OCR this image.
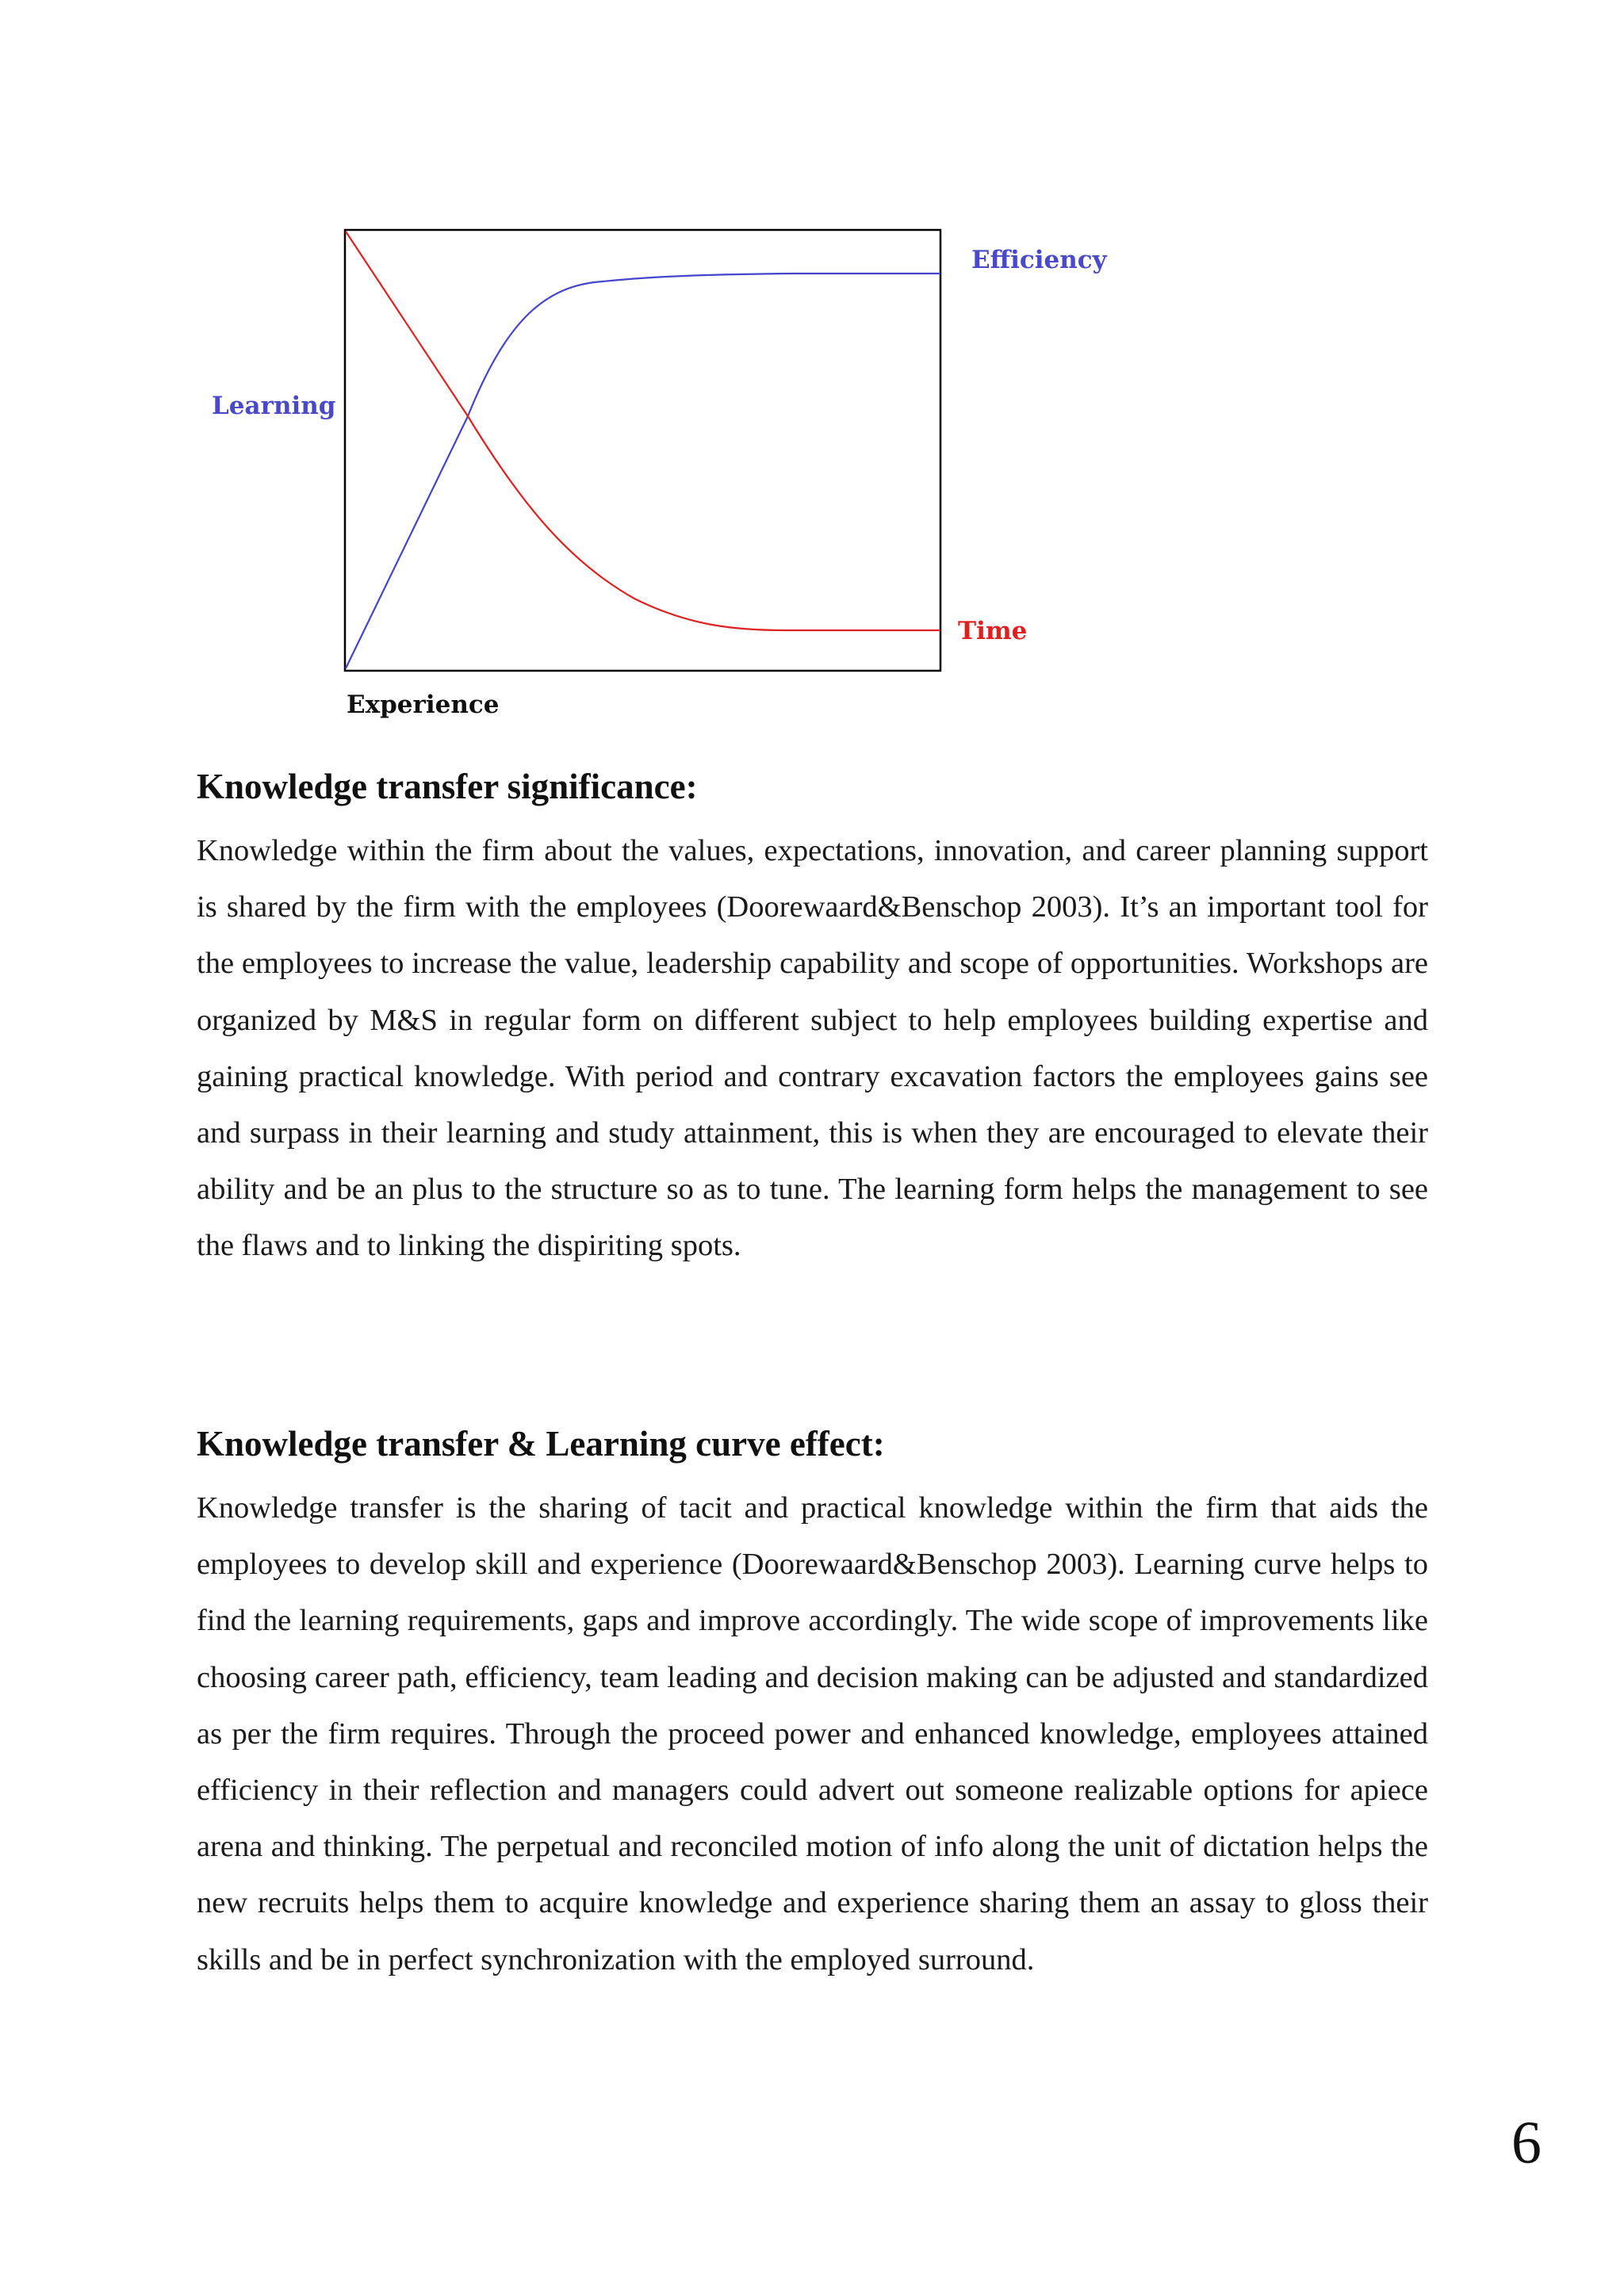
Efficiency
Learning
Time
Experience
Knowledge transfer significance:

Knowledge within the firm about the values, expectations, innovation, and career planning support is shared by the firm with the employees (Doorewaard&Benschop 2003). It’s an important tool for the employees to increase the value, leadership capability and scope of opportunities. Workshops are organized by M&S in regular form on different subject to help employees building expertise and gaining practical knowledge. With period and contrary excavation factors the employees gains see and surpass in their learning and study attainment, this is when they are encouraged to elevate their ability and be an plus to the structure so as to tune. The learning form helps the management to see the flaws and to linking the dispiriting spots.

Knowledge transfer & Learning curve effect:

Knowledge transfer is the sharing of tacit and practical knowledge within the firm that aids the employees to develop skill and experience (Doorewaard&Benschop 2003). Learning curve helps to find the learning requirements, gaps and improve accordingly. The wide scope of improvements like choosing career path, efficiency, team leading and decision making can be adjusted and standardized as per the firm requires. Through the proceed power and enhanced knowledge, employees attained efficiency in their reflection and managers could advert out someone realizable options for apiece arena and thinking. The perpetual and reconciled motion of info along the unit of dictation helps the new recruits helps them to acquire knowledge and experience sharing them an assay to gloss their skills and be in perfect synchronization with the employed surround.

6
